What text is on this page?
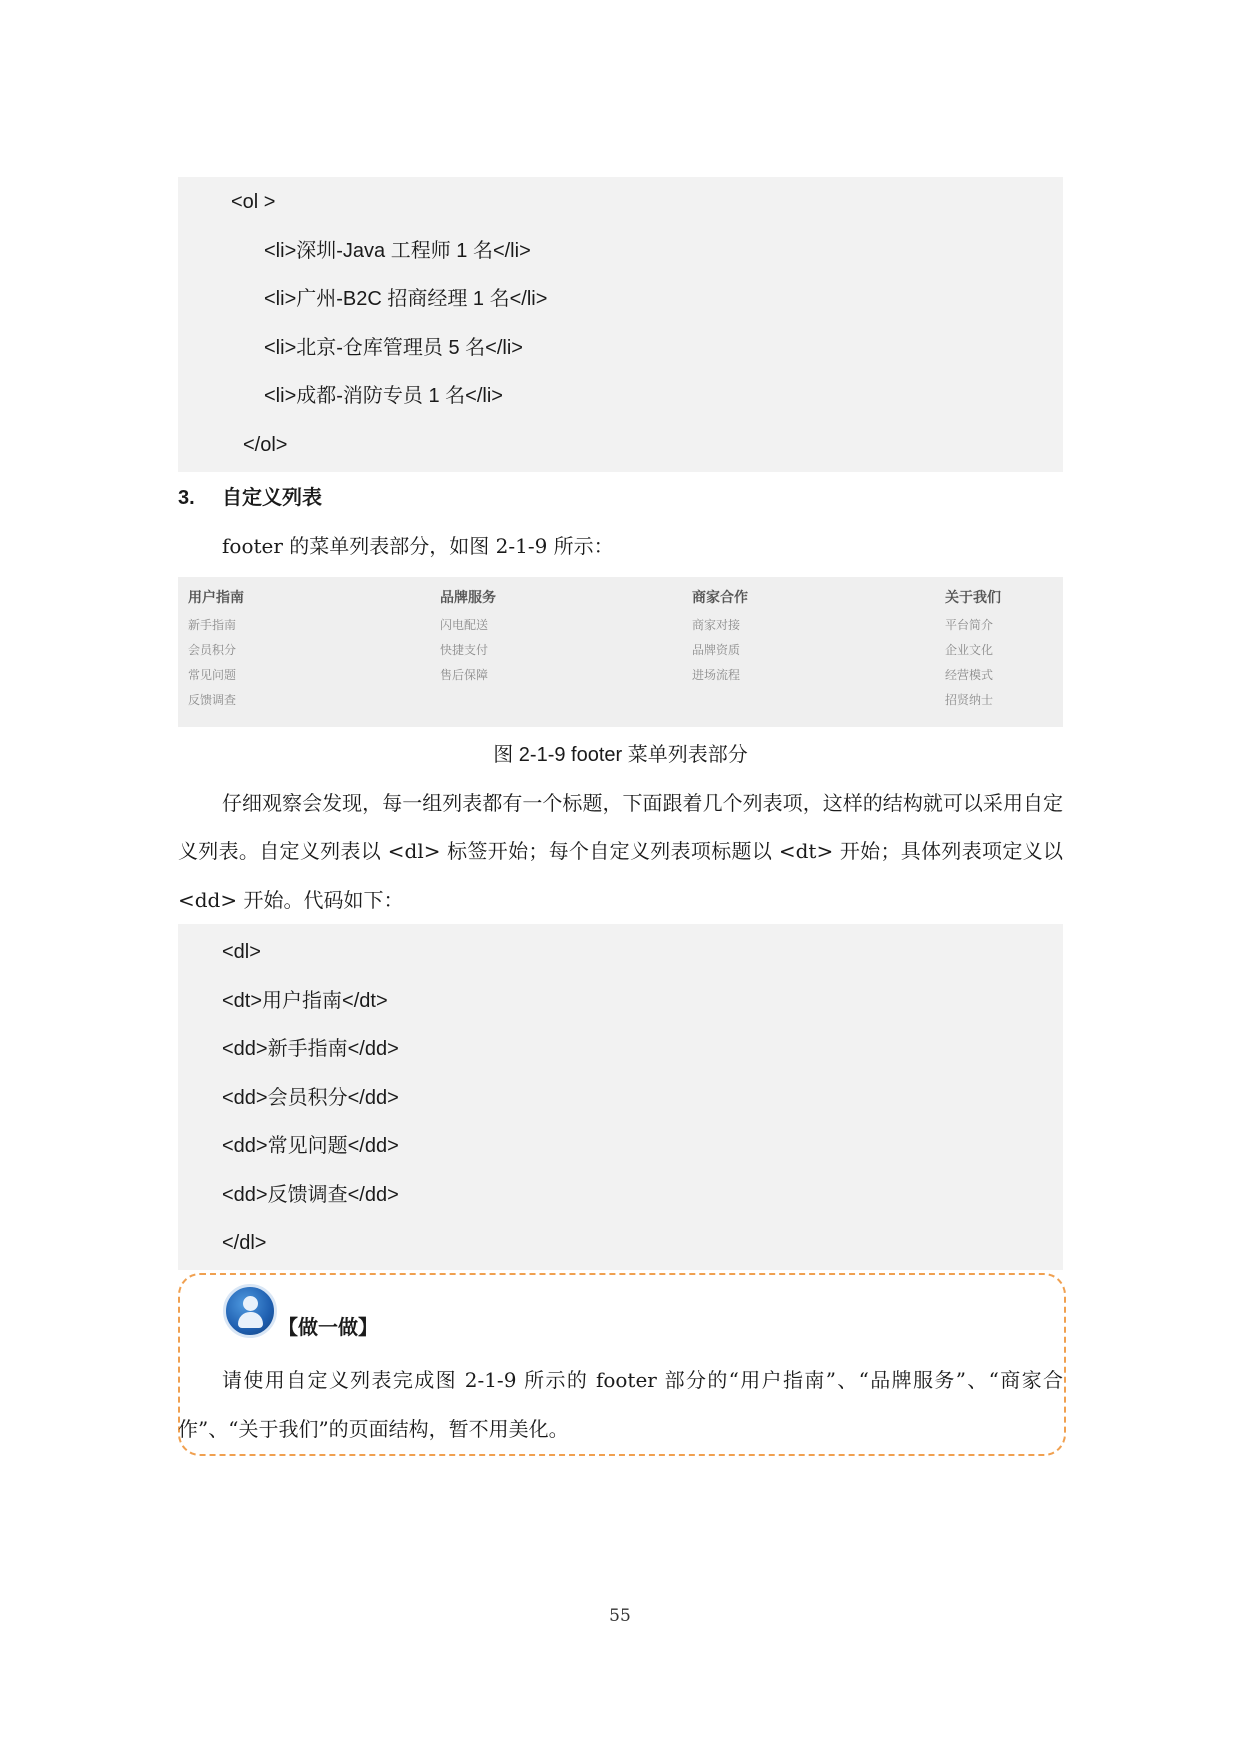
<ol >
<li>深圳-Java 工程师 1 名</li>
<li>广州-B2C 招商经理 1 名</li>
<li>北京-仓库管理员 5 名</li>
<li>成都-消防专员 1 名</li>
</ol>
3. 自定义列表

footer 的菜单列表部分，如图 2-1-9 所示：

用户指南
新手指南
会员积分
常见问题
反馈调查
品牌服务
闪电配送
快捷支付
售后保障
商家合作
商家对接
品牌资质
进场流程
关于我们
平台简介
企业文化
经营模式
招贤纳士
图 2-1-9 footer 菜单列表部分

仔细观察会发现，每一组列表都有一个标题，下面跟着几个列表项，这样的结构就可以采用自定义列表。自定义列表以 <dl> 标签开始；每个自定义列表项标题以 <dt> 开始；具体列表项定义以 <dd> 开始。代码如下：

<dl>
<dt>用户指南</dt>
<dd>新手指南</dd>
<dd>会员积分</dd>
<dd>常见问题</dd>
<dd>反馈调查</dd>
</dl>
【做一做】

请使用自定义列表完成图 2-1-9 所示的 footer 部分的“用户指南”、“品牌服务”、“商家合作”、“关于我们”的页面结构，暂不用美化。

55
